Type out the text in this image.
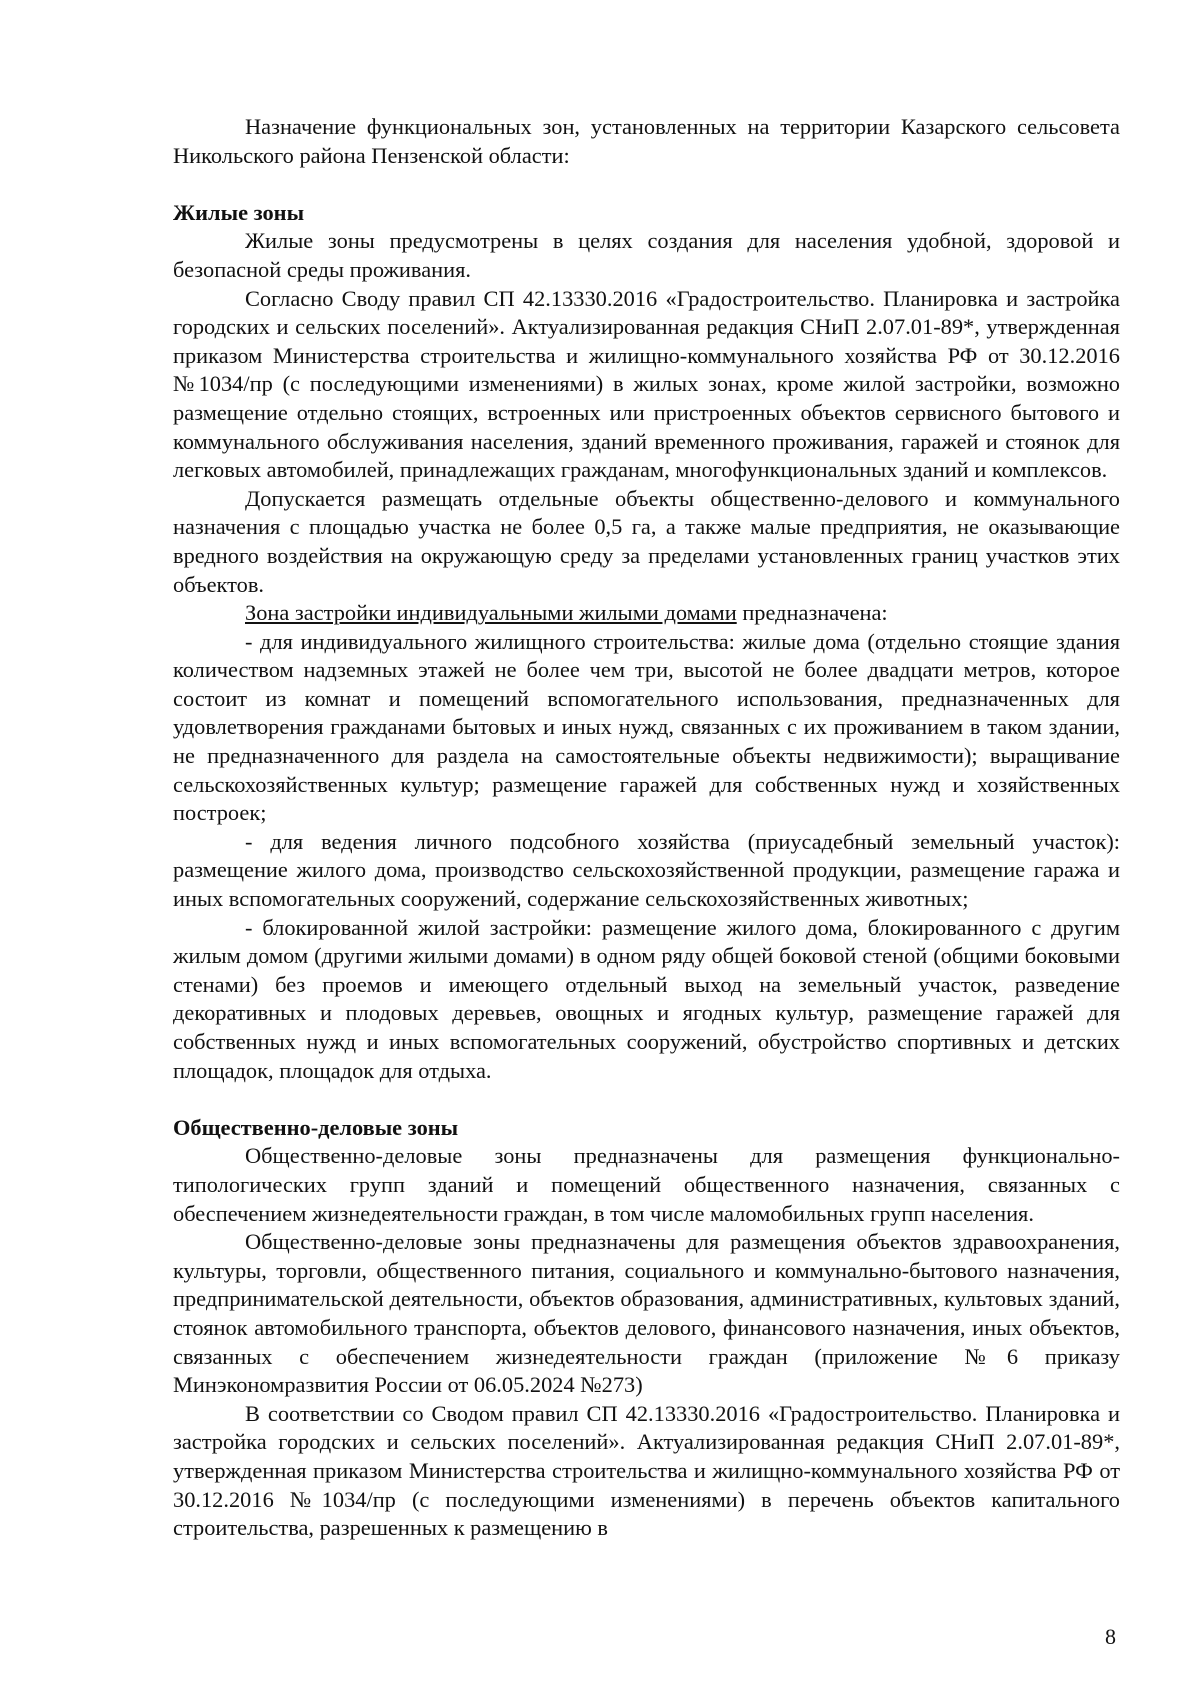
Назначение функциональных зон, установленных на территории Казарского сельсовета Никольского района Пензенской области:

Жилые зоны

Жилые зоны предусмотрены в целях создания для населения удобной, здоровой и безопасной среды проживания.

Согласно Своду правил СП 42.13330.2016 «Градостроительство. Планировка и застройка городских и сельских поселений». Актуализированная редакция СНиП 2.07.01-89*, утвержденная приказом Министерства строительства и жилищно-коммунального хозяйства РФ от 30.12.2016 №1034/пр (с последующими изменениями) в жилых зонах, кроме жилой застройки, возможно размещение отдельно стоящих, встроенных или пристроенных объектов сервисного бытового и коммунального обслуживания населения, зданий временного проживания, гаражей и стоянок для легковых автомобилей, принадлежащих гражданам, многофункциональных зданий и комплексов.

Допускается размещать отдельные объекты общественно-делового и коммунального назначения с площадью участка не более 0,5 га, а также малые предприятия, не оказывающие вредного воздействия на окружающую среду за пределами установленных границ участков этих объектов.

Зона застройки индивидуальными жилыми домами предназначена:

- для индивидуального жилищного строительства: жилые дома (отдельно стоящие здания количеством надземных этажей не более чем три, высотой не более двадцати метров, которое состоит из комнат и помещений вспомогательного использования, предназначенных для удовлетворения гражданами бытовых и иных нужд, связанных с их проживанием в таком здании, не предназначенного для раздела на самостоятельные объекты недвижимости); выращивание сельскохозяйственных культур; размещение гаражей для собственных нужд и хозяйственных построек;

- для ведения личного подсобного хозяйства (приусадебный земельный участок): размещение жилого дома, производство сельскохозяйственной продукции, размещение гаража и иных вспомогательных сооружений, содержание сельскохозяйственных животных;

- блокированной жилой застройки: размещение жилого дома, блокированного с другим жилым домом (другими жилыми домами) в одном ряду общей боковой стеной (общими боковыми стенами) без проемов и имеющего отдельный выход на земельный участок, разведение декоративных и плодовых деревьев, овощных и ягодных культур, размещение гаражей для собственных нужд и иных вспомогательных сооружений, обустройство спортивных и детских площадок, площадок для отдыха.

Общественно-деловые зоны

Общественно-деловые зоны предназначены для размещения функционально-типологических групп зданий и помещений общественного назначения, связанных с обеспечением жизнедеятельности граждан, в том числе маломобильных групп населения.

Общественно-деловые зоны предназначены для размещения объектов здравоохранения, культуры, торговли, общественного питания, социального и коммунально-бытового назначения, предпринимательской деятельности, объектов образования, административных, культовых зданий, стоянок автомобильного транспорта, объектов делового, финансового назначения, иных объектов, связанных с обеспечением жизнедеятельности граждан (приложение №6 приказу Минэкономразвития России от 06.05.2024 №273)

В соответствии со Сводом правил СП 42.13330.2016 «Градостроительство. Планировка и застройка городских и сельских поселений». Актуализированная редакция СНиП 2.07.01-89*, утвержденная приказом Министерства строительства и жилищно-коммунального хозяйства РФ от 30.12.2016 №1034/пр (с последующими изменениями) в перечень объектов капитального строительства, разрешенных к размещению в

8
